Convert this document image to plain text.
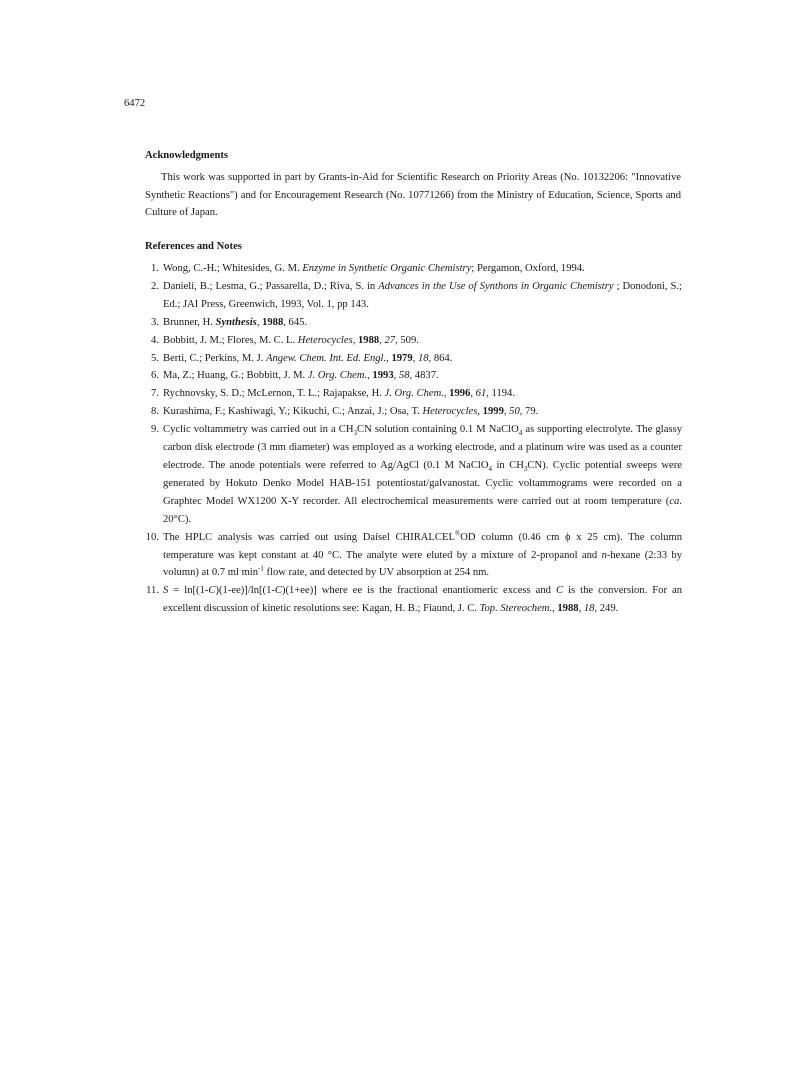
6472
Acknowledgments
This work was supported in part by Grants-in-Aid for Scientific Research on Priority Areas (No. 10132206: "Innovative Synthetic Reactions") and for Encouragement Research (No. 10771266) from the Ministry of Education, Science, Sports and Culture of Japan.
References and Notes
1. Wong, C.-H.; Whitesides, G. M. Enzyme in Synthetic Organic Chemistry; Pergamon, Oxford, 1994.
2. Danieli, B.; Lesma, G.; Passarella, D.; Riva, S. in Advances in the Use of Synthons in Organic Chemistry ; Donodoni, S.; Ed.; JAI Press, Greenwich, 1993, Vol. 1, pp 143.
3. Brunner, H. Synthesis, 1988, 645.
4. Bobbitt, J. M.; Flores, M. C. L. Heterocycles, 1988, 27, 509.
5. Berti, C.; Perkins, M. J. Angew. Chem. Int. Ed. Engl., 1979, 18, 864.
6. Ma, Z.; Huang, G.; Bobbitt, J. M. J. Org. Chem., 1993, 58, 4837.
7. Rychnovsky, S. D.; McLernon, T. L.; Rajapakse, H. J. Org. Chem., 1996, 61, 1194.
8. Kurashima, F.; Kashiwagi, Y.; Kikuchi, C.; Anzai, J.; Osa, T. Heterocycles, 1999, 50, 79.
9. Cyclic voltammetry was carried out in a $CH_3CN$ solution containing 0.1 M NaClO$_4$ as supporting electrolyte. The glassy carbon disk electrode (3 mm diameter) was employed as a working electrode, and a platinum wire was used as a counter electrode. The anode potentials were referred to Ag/AgCl (0.1 M NaClO$_4$ in $CH_3CN$). Cyclic potential sweeps were generated by Hokuto Denko Model HAB-151 potentiostat/galvanostat. Cyclic voltammograms were recorded on a Graphtec Model WX1200 X-Y recorder. All electrochemical measurements were carried out at room temperature (ca. 20°C).
10. The HPLC analysis was carried out using Daisel CHIRALCEL®OD column (0.46 cm ϕ x 25 cm). The column temperature was kept constant at 40 °C. The analyte were eluted by a mixture of 2-propanol and n-hexane (2:33 by volumn) at 0.7 ml $\min^{-1}$ flow rate, and detected by UV absorption at 254 nm.
11. S = ln[(1-C)(1-ee)]/ln[(1-C)(1+ee)] where ee is the fractional enantiomeric excess and C is the conversion. For an excellent discussion of kinetic resolutions see: Kagan, H. B.; Fiaund, J. C. Top. Stereochem., 1988, 18, 249.
